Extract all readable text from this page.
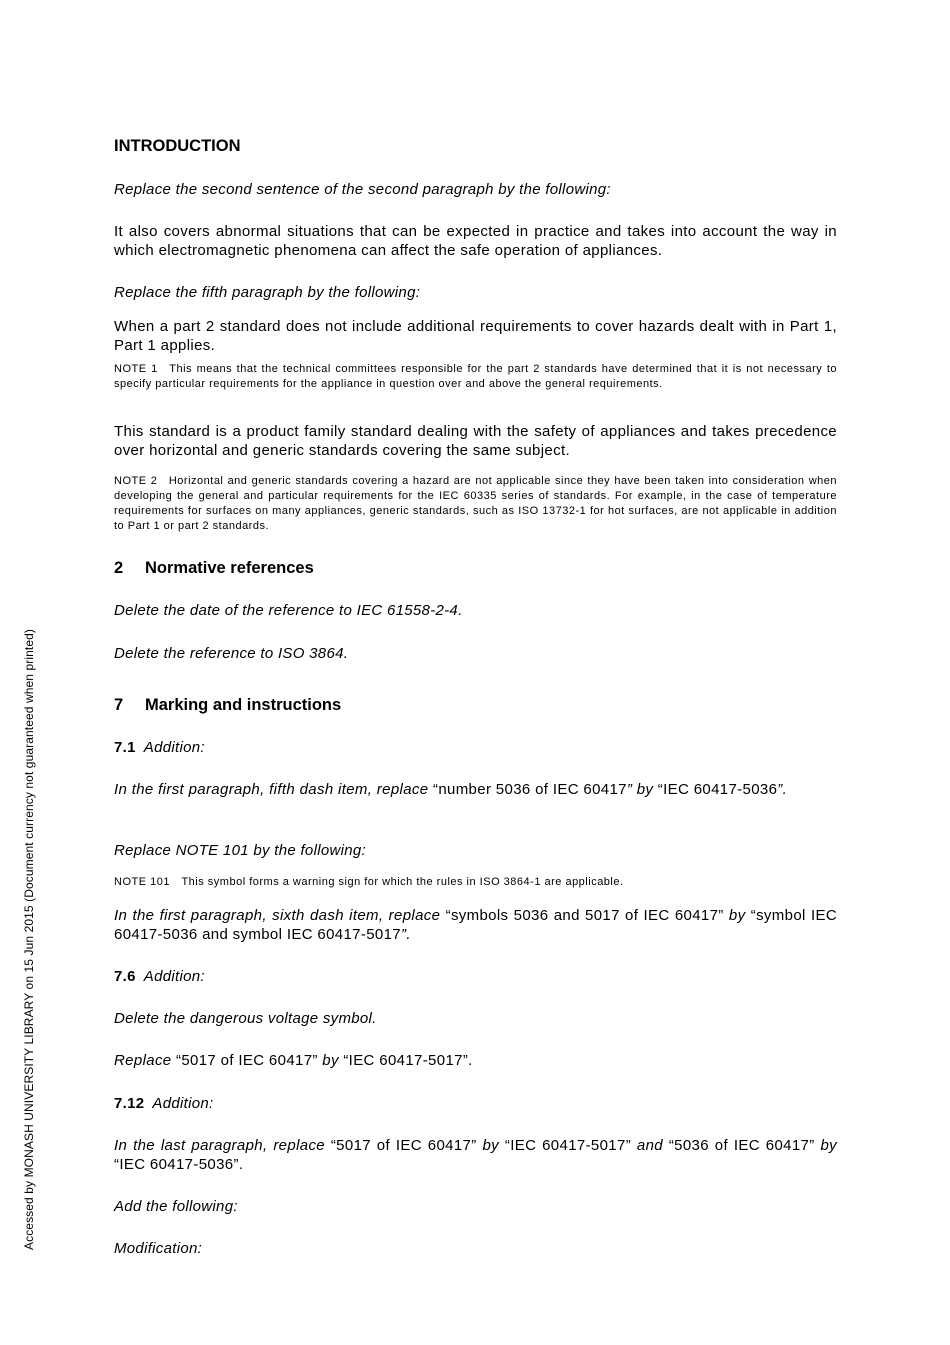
Accessed by MONASH UNIVERSITY LIBRARY on 15 Jun 2015 (Document currency not guaranteed when printed)
INTRODUCTION
Replace the second sentence of the second paragraph by the following:
It also covers abnormal situations that can be expected in practice and takes into account the way in which electromagnetic phenomena can affect the safe operation of appliances.
Replace the fifth paragraph by the following:
When a part 2 standard does not include additional requirements to cover hazards dealt with in Part 1, Part 1 applies.
NOTE 1 This means that the technical committees responsible for the part 2 standards have determined that it is not necessary to specify particular requirements for the appliance in question over and above the general requirements.
This standard is a product family standard dealing with the safety of appliances and takes precedence over horizontal and generic standards covering the same subject.
NOTE 2 Horizontal and generic standards covering a hazard are not applicable since they have been taken into consideration when developing the general and particular requirements for the IEC 60335 series of standards. For example, in the case of temperature requirements for surfaces on many appliances, generic standards, such as ISO 13732-1 for hot surfaces, are not applicable in addition to Part 1 or part 2 standards.
2 Normative references
Delete the date of the reference to IEC 61558-2-4.
Delete the reference to ISO 3864.
7 Marking and instructions
7.1 Addition:
In the first paragraph, fifth dash item, replace “number 5036 of IEC 60417” by “IEC 60417-5036”.
Replace NOTE 101 by the following:
NOTE 101 This symbol forms a warning sign for which the rules in ISO 3864-1 are applicable.
In the first paragraph, sixth dash item, replace “symbols 5036 and 5017 of IEC 60417” by “symbol IEC 60417-5036 and symbol IEC 60417-5017”.
7.6 Addition:
Delete the dangerous voltage symbol.
Replace “5017 of IEC 60417” by “IEC 60417-5017”.
7.12 Addition:
In the last paragraph, replace “5017 of IEC 60417” by “IEC 60417-5017” and “5036 of IEC 60417” by “IEC 60417-5036”.
Add the following:
Modification:
